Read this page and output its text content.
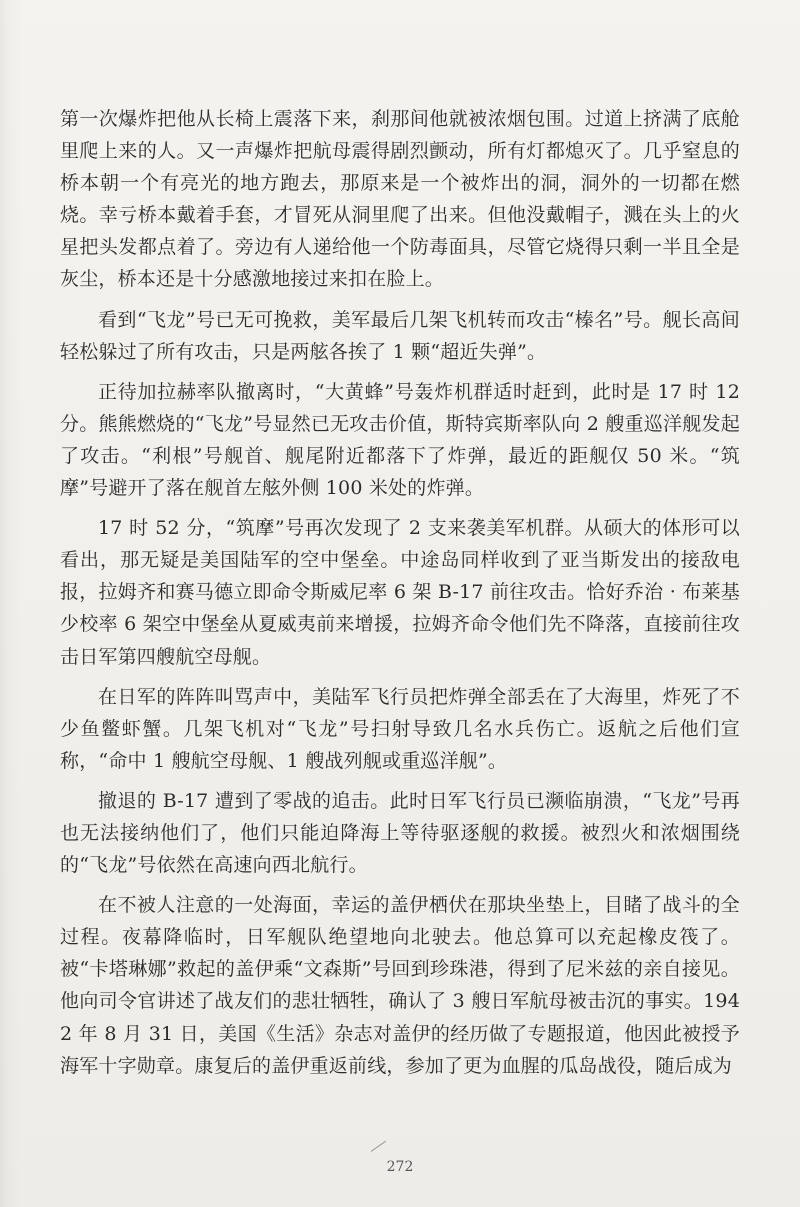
第一次爆炸把他从长椅上震落下来，刹那间他就被浓烟包围。过道上挤满了底舱里爬上来的人。又一声爆炸把航母震得剧烈颤动，所有灯都熄灭了。几乎窒息的桥本朝一个有亮光的地方跑去，那原来是一个被炸出的洞，洞外的一切都在燃烧。幸亏桥本戴着手套，才冒死从洞里爬了出来。但他没戴帽子，溅在头上的火星把头发都点着了。旁边有人递给他一个防毒面具，尽管它烧得只剩一半且全是灰尘，桥本还是十分感激地接过来扣在脸上。

看到“飞龙”号已无可挽救，美军最后几架飞机转而攻击“榛名”号。舰长高间轻松躲过了所有攻击，只是两舷各挨了 1 颗“超近失弹”。

正待加拉赫率队撤离时，“大黄蜂”号轰炸机群适时赶到，此时是 17 时 12 分。熊熊燃烧的“飞龙”号显然已无攻击价值，斯特宾斯率队向 2 艘重巡洋舰发起了攻击。“利根”号舰首、舰尾附近都落下了炸弹，最近的距舰仅 50 米。“筑摩”号避开了落在舰首左舷外侧 100 米处的炸弹。

17 时 52 分，“筑摩”号再次发现了 2 支来袭美军机群。从硕大的体形可以看出，那无疑是美国陆军的空中堡垒。中途岛同样收到了亚当斯发出的接敌电报，拉姆齐和赛马德立即命令斯威尼率 6 架 B-17 前往攻击。恰好乔治 · 布莱基少校率 6 架空中堡垒从夏威夷前来增援，拉姆齐命令他们先不降落，直接前往攻击日军第四艘航空母舰。

在日军的阵阵叫骂声中，美陆军飞行员把炸弹全部丢在了大海里，炸死了不少鱼鳖虾蟹。几架飞机对“飞龙”号扫射导致几名水兵伤亡。返航之后他们宣称，“命中 1 艘航空母舰、1 艘战列舰或重巡洋舰”。

撤退的 B-17 遭到了零战的追击。此时日军飞行员已濒临崩溃，“飞龙”号再也无法接纳他们了，他们只能迫降海上等待驱逐舰的救援。被烈火和浓烟围绕的“飞龙”号依然在高速向西北航行。

在不被人注意的一处海面，幸运的盖伊栖伏在那块坐垫上，目睹了战斗的全过程。夜幕降临时，日军舰队绝望地向北驶去。他总算可以充起橡皮筏了。被“卡塔琳娜”救起的盖伊乘“文森斯”号回到珍珠港，得到了尼米兹的亲自接见。他向司令官讲述了战友们的悲壮牺牲，确认了 3 艘日军航母被击沉的事实。1942 年 8 月 31 日，美国《生活》杂志对盖伊的经历做了专题报道，他因此被授予海军十字勋章。康复后的盖伊重返前线，参加了更为血腥的瓜岛战役，随后成为

272
